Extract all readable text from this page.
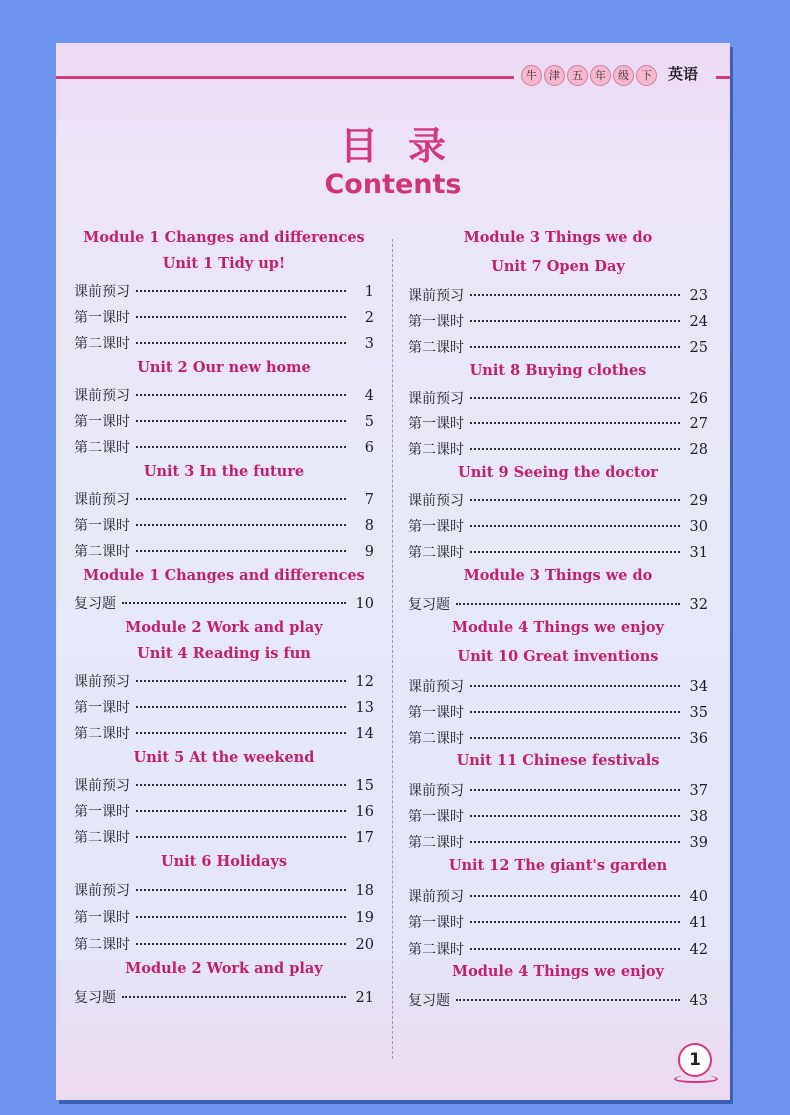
牛	津	五	年	级	下	英语
目录
Contents
Module 1 Changes and differences
Unit 1 Tidy up!
课前预习	1
第一课时	2
第二课时	3
Unit 2 Our new home
课前预习	4
第一课时	5
第二课时	6
Unit 3 In the future
课前预习	7
第一课时	8
第二课时	9
Module 1 Changes and differences
复习题	10
Module 2 Work and play
Unit 4 Reading is fun
课前预习	12
第一课时	13
第二课时	14
Unit 5 At the weekend
课前预习	15
第一课时	16
第二课时	17
Unit 6 Holidays
课前预习	18
第一课时	19
第二课时	20
Module 2 Work and play
复习题	21
Module 3 Things we do
Unit 7 Open Day
课前预习	23
第一课时	24
第二课时	25
Unit 8 Buying clothes
课前预习	26
第一课时	27
第二课时	28
Unit 9 Seeing the doctor
课前预习	29
第一课时	30
第二课时	31
Module 3 Things we do
复习题	32
Module 4 Things we enjoy
Unit 10 Great inventions
课前预习	34
第一课时	35
第二课时	36
Unit 11 Chinese festivals
课前预习	37
第一课时	38
第二课时	39
Unit 12 The giant's garden
课前预习	40
第一课时	41
第二课时	42
Module 4 Things we enjoy
复习题	43
1
